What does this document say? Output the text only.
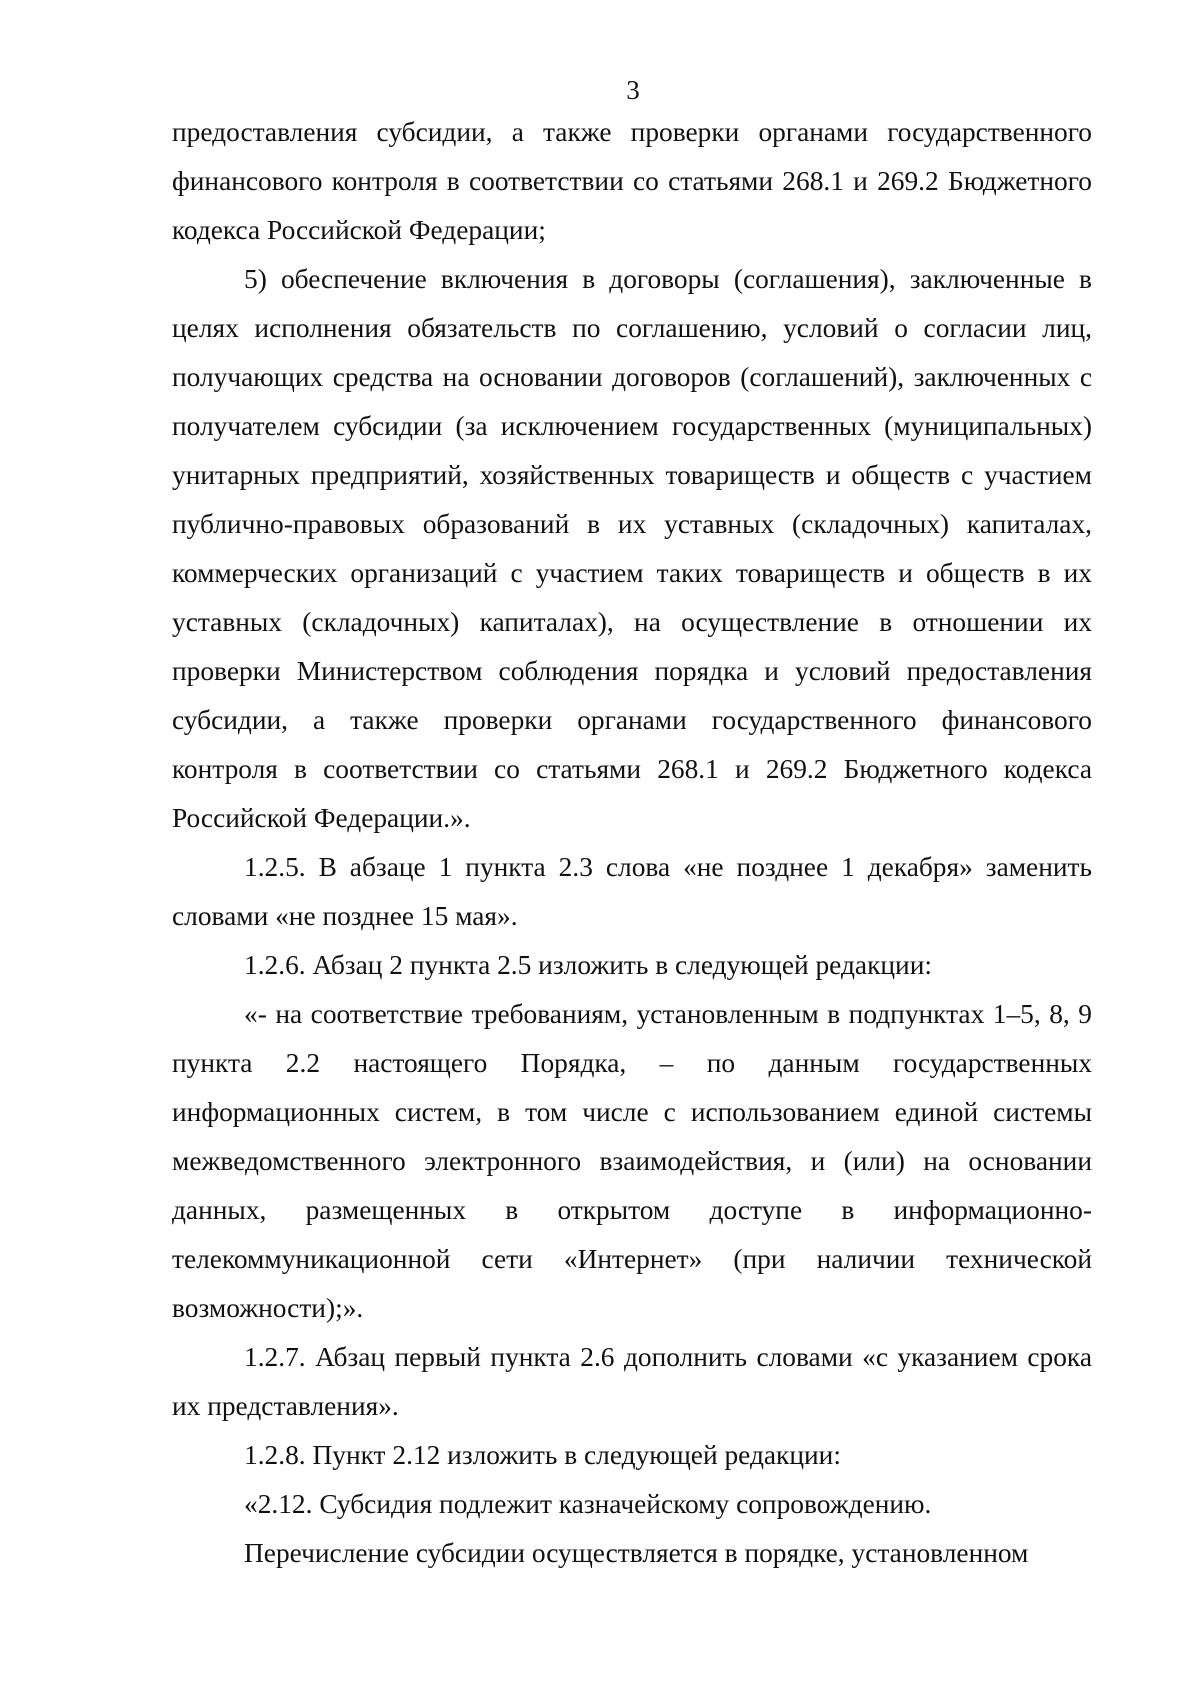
3

предоставления субсидии, а также проверки органами государственного финансового контроля в соответствии со статьями 268.1 и 269.2 Бюджетного кодекса Российской Федерации;

5) обеспечение включения в договоры (соглашения), заключенные в целях исполнения обязательств по соглашению, условий о согласии лиц, получающих средства на основании договоров (соглашений), заключенных с получателем субсидии (за исключением государственных (муниципальных) унитарных предприятий, хозяйственных товариществ и обществ с участием публично-правовых образований в их уставных (складочных) капиталах, коммерческих организаций с участием таких товариществ и обществ в их уставных (складочных) капиталах), на осуществление в отношении их проверки Министерством соблюдения порядка и условий предоставления субсидии, а также проверки органами государственного финансового контроля в соответствии со статьями 268.1 и 269.2 Бюджетного кодекса Российской Федерации.».

1.2.5. В абзаце 1 пункта 2.3 слова «не позднее 1 декабря» заменить словами «не позднее 15 мая».

1.2.6. Абзац 2 пункта 2.5 изложить в следующей редакции:

«- на соответствие требованиям, установленным в подпунктах 1–5, 8, 9 пункта 2.2 настоящего Порядка, – по данным государственных информационных систем, в том числе с использованием единой системы межведомственного электронного взаимодействия, и (или) на основании данных, размещенных в открытом доступе в информационно-телекоммуникационной сети «Интернет» (при наличии технической возможности);».

1.2.7. Абзац первый пункта 2.6 дополнить словами «с указанием срока их представления».

1.2.8. Пункт 2.12 изложить в следующей редакции:

«2.12. Субсидия подлежит казначейскому сопровождению.

Перечисление субсидии осуществляется в порядке, установленном
